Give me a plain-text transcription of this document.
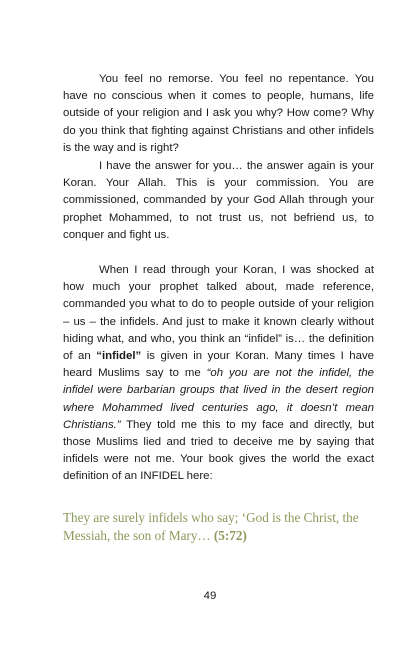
You feel no remorse. You feel no repentance. You have no conscious when it comes to people, humans, life outside of your religion and I ask you why? How come? Why do you think that fighting against Christians and other infidels is the way and is right?

I have the answer for you… the answer again is your Koran. Your Allah. This is your commission. You are commissioned, commanded by your God Allah through your prophet Mohammed, to not trust us, not befriend us, to conquer and fight us.

When I read through your Koran, I was shocked at how much your prophet talked about, made reference, commanded you what to do to people outside of your religion – us – the infidels. And just to make it known clearly without hiding what, and who, you think an “infidel” is… the definition of an “infidel” is given in your Koran. Many times I have heard Muslims say to me “oh you are not the infidel, the infidel were barbarian groups that lived in the desert region where Mohammed lived centuries ago, it doesn’t mean Christians.” They told me this to my face and directly, but those Muslims lied and tried to deceive me by saying that infidels were not me. Your book gives the world the exact definition of an INFIDEL here:

They are surely infidels who say; ‘God is the Christ, the Messiah, the son of Mary… (5:72)
49
